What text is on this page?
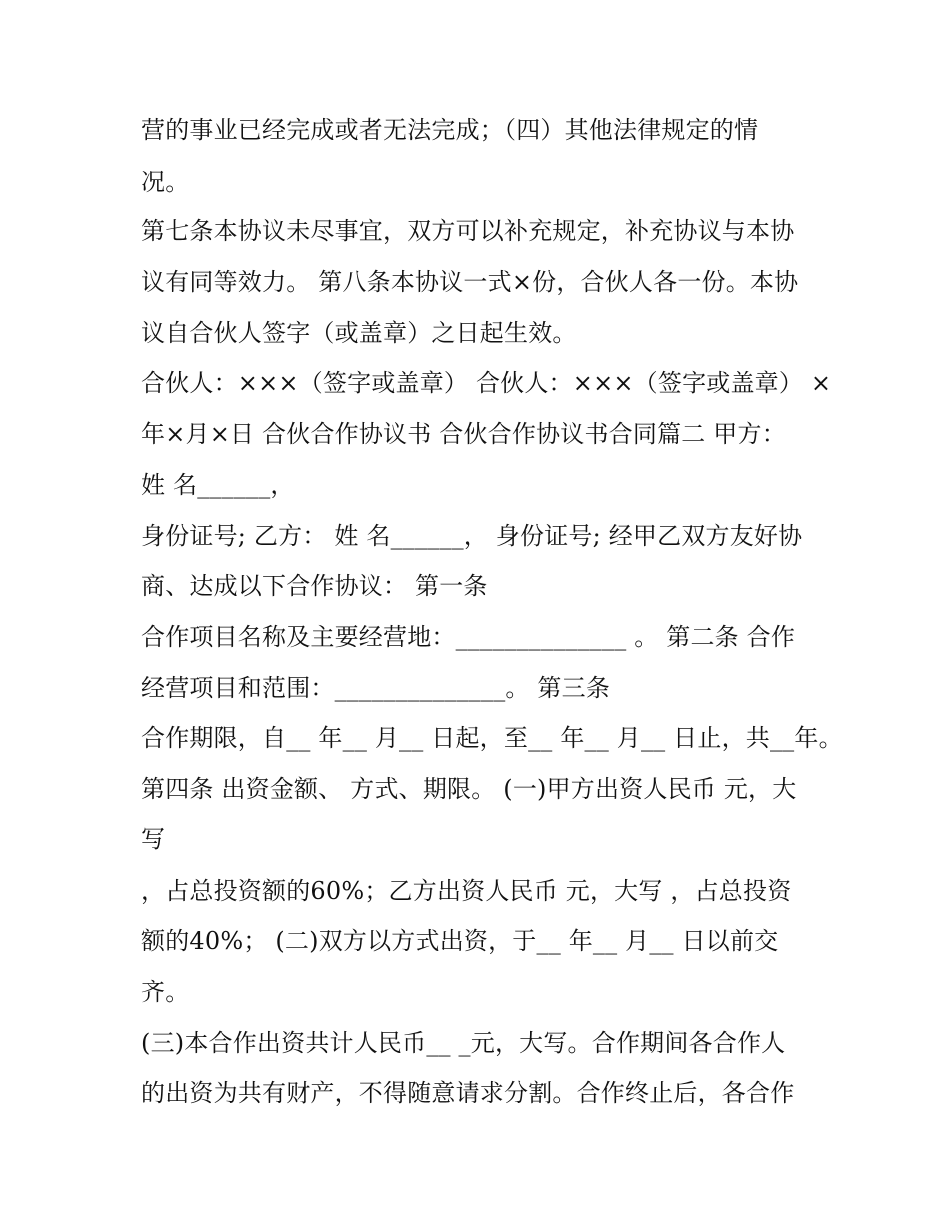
营的事业已经完成或者无法完成；（四）其他法律规定的情
况。
第七条本协议未尽事宜，双方可以补充规定，补充协议与本协
议有同等效力。 第八条本协议一式×份，合伙人各一份。本协
议自合伙人签字（或盖章）之日起生效。
合伙人：×××（签字或盖章） 合伙人：×××（签字或盖章） ×
年×月×日 合伙合作协议书 合伙合作协议书合同篇二 甲方：
姓 名______，
身份证号; 乙方： 姓 名______， 身份证号; 经甲乙双方友好协
商、达成以下合作协议： 第一条
合作项目名称及主要经营地：______________ 。 第二条 合作
经营项目和范围：______________。 第三条
合作期限，自__ 年__ 月__ 日起，至__ 年__ 月__ 日止，共__年。
第四条 出资金额、 方式、期限。 (一)甲方出资人民币 元，大
写
，占总投资额的60%；乙方出资人民币 元，大写 ，占总投资
额的40%； (二)双方以方式出资，于__ 年__ 月__ 日以前交
齐。
(三)本合作出资共计人民币__ _元，大写。合作期间各合作人
的出资为共有财产，不得随意请求分割。合作终止后，各合作
